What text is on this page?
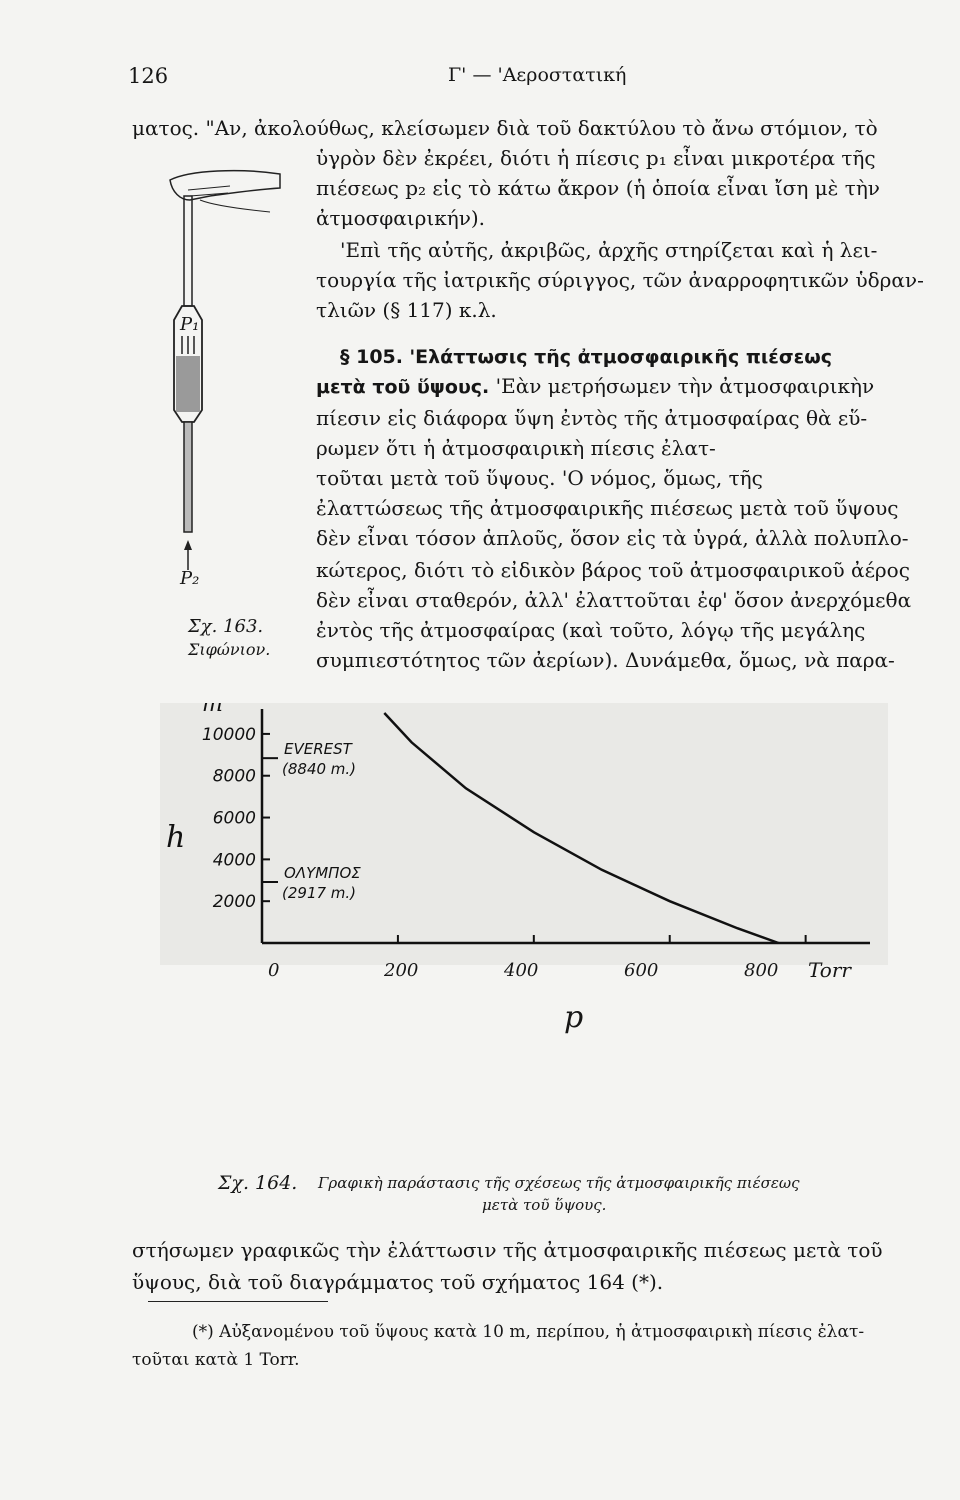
126	Γ' — 'Αεροστατική
ματος. "Αν, ἀκολούθως, κλείσωμεν διὰ τοῦ δακτύλου τὸ ἄνω στόμιον, τὸ
ὑγρὸν δὲν ἐκρέει, διότι ἡ πίεσις p₁ εἶναι μικροτέρα τῆς
πιέσεως p₂ εἰς τὸ κάτω ἄκρον (ἡ ὁποία εἶναι ἴση μὲ τὴν
ἀτμοσφαιρικήν).
'Επὶ τῆς αὐτῆς, ἀκριβῶς, ἀρχῆς στηρίζεται καὶ ἡ λει-
τουργία τῆς ἰατρικῆς σύριγγος, τῶν ἀναρροφητικῶν ὑδραν-
τλιῶν (§ 117) κ.λ.
§ 105. 'Ελάττωσις τῆς ἀτμοσφαιρικῆς πιέσεως
μετὰ τοῦ ὕψους. 'Εὰν μετρήσωμεν τὴν ἀτμοσφαιρικὴν
πίεσιν εἰς διάφορα ὕψη ἐντὸς τῆς ἀτμοσφαίρας θὰ εὕ-
ρωμεν ὅτι ἡ ἀτμοσφαιρικὴ πίεσις ἐλατ-
τοῦται μετὰ τοῦ ὕψους. 'Ο νόμος, ὅμως, τῆς
ἐλαττώσεως τῆς ἀτμοσφαιρικῆς πιέσεως μετὰ τοῦ ὕψους
δὲν εἶναι τόσον ἁπλοῦς, ὅσον εἰς τὰ ὑγρά, ἀλλὰ πολυπλο-
κώτερος, διότι τὸ εἰδικὸν βάρος τοῦ ἀτμοσφαιρικοῦ ἀέρος
δὲν εἶναι σταθερόν, ἀλλ' ἐλαττοῦται ἐφ' ὅσον ἀνερχόμεθα
ἐντὸς τῆς ἀτμοσφαίρας (καὶ τοῦτο, λόγῳ τῆς μεγάλης
συμπιεστότητος τῶν ἀερίων). Δυνάμεθα, ὅμως, νὰ παρα-
P₁
P₂
Σχ. 163.
Σιφώνιον.
2000
4000
6000
8000
10000
m
h
EVEREST
(8840 m.)
ΟΛΥΜΠΟΣ
(2917 m.)
0	200	400	600	800 Torr
p
Σχ. 164. Γραφικὴ παράστασις τῆς σχέσεως τῆς ἀτμοσφαιρικῆς πιέσεως
μετὰ τοῦ ὕψους.
στήσωμεν γραφικῶς τὴν ἐλάττωσιν τῆς ἀτμοσφαιρικῆς πιέσεως μετὰ τοῦ
ὕψους, διὰ τοῦ διαγράμματος τοῦ σχήματος 164 (*).
(*) Αὐξανομένου τοῦ ὕψους κατὰ 10 m, περίπου, ἡ ἀτμοσφαιρικὴ πίεσις ἐλατ-
τοῦται κατὰ 1 Torr.
